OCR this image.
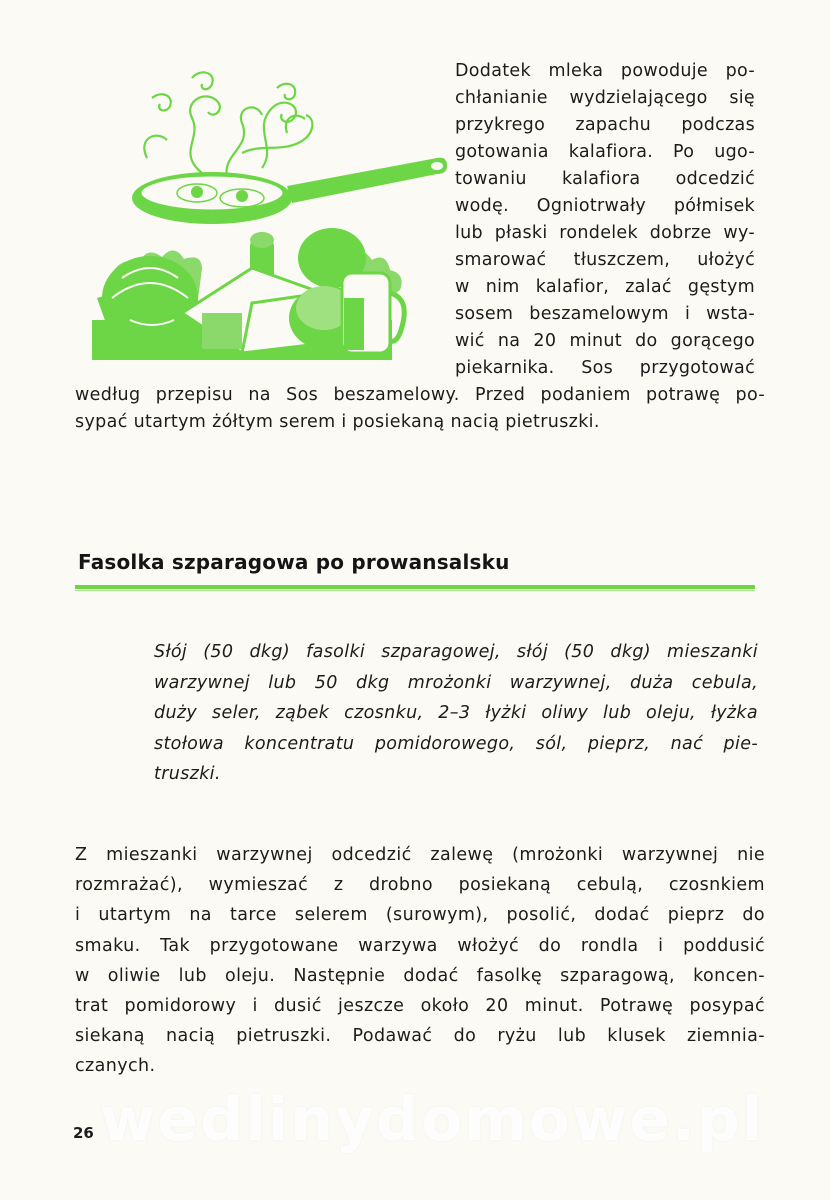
Dodatek mleka powoduje po-
chłanianie wydzielającego się
przykrego zapachu podczas
gotowania kalafiora. Po ugo-
towaniu kalafiora odcedzić
wodę. Ogniotrwały półmisek
lub płaski rondelek dobrze wy-
smarować tłuszczem, ułożyć
w nim kalafior, zalać gęstym
sosem beszamelowym i wsta-
wić na 20 minut do gorącego
piekarnika. Sos przygotować
według przepisu na Sos beszamelowy. Przed podaniem potrawę po-
sypać utartym żółtym serem i posiekaną nacią pietruszki.
Fasolka szparagowa po prowansalsku
Słój (50 dkg) fasolki szparagowej, słój (50 dkg) mieszanki
warzywnej lub 50 dkg mrożonki warzywnej, duża cebula,
duży seler, ząbek czosnku, 2–3 łyżki oliwy lub oleju, łyżka
stołowa koncentratu pomidorowego, sól, pieprz, nać pie-
truszki.
Z mieszanki warzywnej odcedzić zalewę (mrożonki warzywnej nie
rozmrażać), wymieszać z drobno posiekaną cebulą, czosnkiem
i utartym na tarce selerem (surowym), posolić, dodać pieprz do
smaku. Tak przygotowane warzywa włożyć do rondla i poddusić
w oliwie lub oleju. Następnie dodać fasolkę szparagową, koncen-
trat pomidorowy i dusić jeszcze około 20 minut. Potrawę posypać
siekaną nacią pietruszki. Podawać do ryżu lub klusek ziemnia-
czanych.
wedlinydomowe.pl
26
